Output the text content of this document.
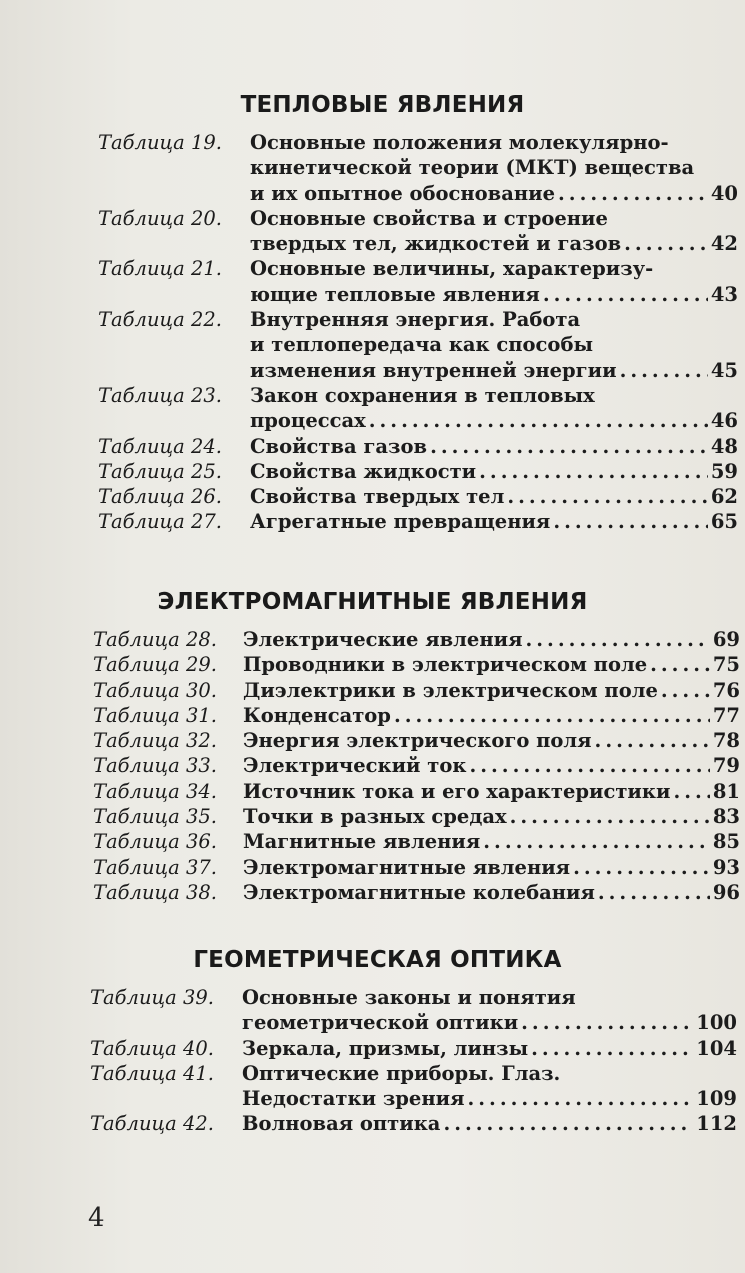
ТЕПЛОВЫЕ ЯВЛЕНИЯ
Таблица 19.	Основные положения молекулярно-
кинетической теории (МКТ) вещества
и их опытное обоснование . . .	40
Таблица 20.	Основные свойства и строение
твердых тел, жидкостей и газов . . .	42
Таблица 21.	Основные величины, характеризу-
ющие тепловые явления . . .	43
Таблица 22.	Внутренняя энергия. Работа
и теплопередача как способы
изменения внутренней энергии . . .	45
Таблица 23.	Закон сохранения в тепловых
процессах . . .	46
Таблица 24.	Свойства газов . . .	48
Таблица 25.	Свойства жидкости . . .	59
Таблица 26.	Свойства твердых тел . . .	62
Таблица 27.	Агрегатные превращения . . .	65
ЭЛЕКТРОМАГНИТНЫЕ ЯВЛЕНИЯ
Таблица 28.	Электрические явления . . .	69
Таблица 29.	Проводники в электрическом поле . . .	75
Таблица 30.	Диэлектрики в электрическом поле . . .	76
Таблица 31.	Конденсатор . . .	77
Таблица 32.	Энергия электрического поля . . .	78
Таблица 33.	Электрический ток . . .	79
Таблица 34.	Источник тока и его характеристики . . . 81
Таблица 35.	Точки в разных средах . . .	83
Таблица 36.	Магнитные явления . . .	85
Таблица 37.	Электромагнитные явления . . .	93
Таблица 38.	Электромагнитные колебания . . .	96
ГЕОМЕТРИЧЕСКАЯ ОПТИКА
Таблица 39.	Основные законы и понятия
геометрической оптики . . .	100
Таблица 40.	Зеркала, призмы, линзы . . .	104
Таблица 41.	Оптические приборы. Глаз.
Недостатки зрения . . .	109
Таблица 42.	Волновая оптика . . .	112
4
